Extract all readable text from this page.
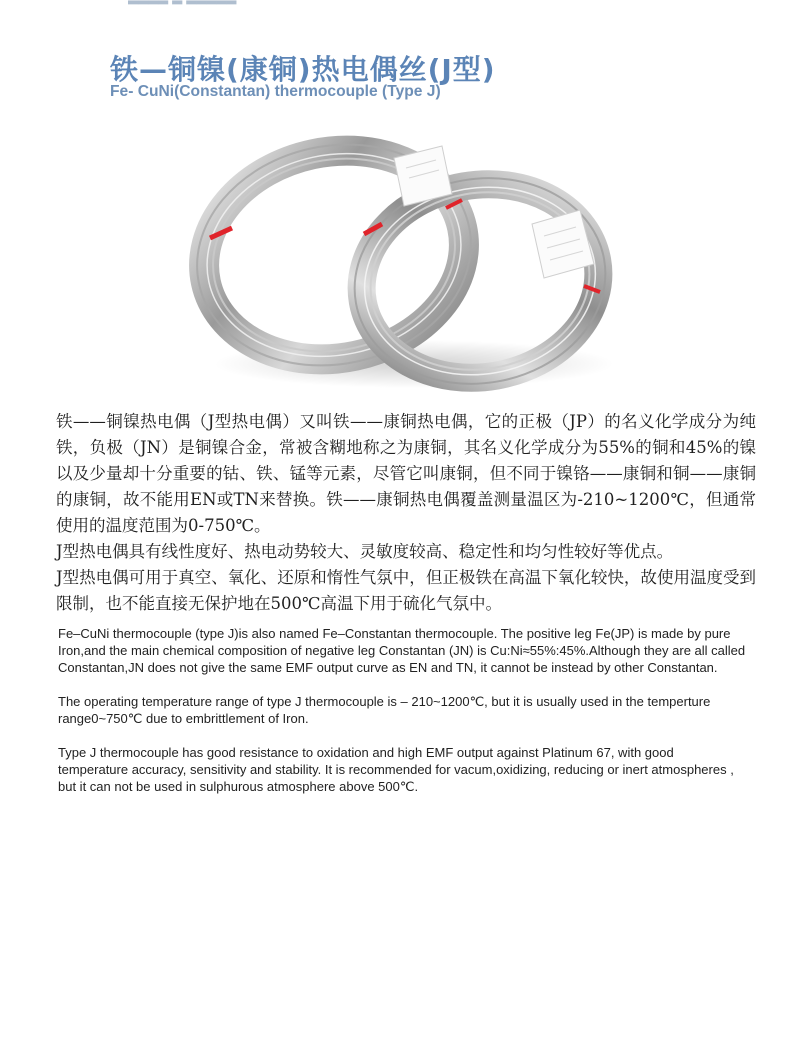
铁—铜镍(康铜)热电偶丝(J型)
Fe- CuNi(Constantan) thermocouple (Type J)

铁——铜镍热电偶（J型热电偶）又叫铁——康铜热电偶，它的正极（JP）的名义化学成分为纯铁，负极（JN）是铜镍合金，常被含糊地称之为康铜，其名义化学成分为55%的铜和45%的镍以及少量却十分重要的钴、铁、锰等元素，尽管它叫康铜，但不同于镍铬——康铜和铜——康铜的康铜，故不能用EN或TN来替换。铁——康铜热电偶覆盖测量温区为-210~1200℃，但通常使用的温度范围为0-750℃。

J型热电偶具有线性度好、热电动势较大、灵敏度较高、稳定性和均匀性较好等优点。

J型热电偶可用于真空、氧化、还原和惰性气氛中，但正极铁在高温下氧化较快，故使用温度受到限制，也不能直接无保护地在500℃高温下用于硫化气氛中。

Fe–CuNi thermocouple (type J)is also named Fe–Constantan thermocouple. The positive leg Fe(JP) is made by pure Iron,and the main chemical composition of negative leg Constantan (JN) is Cu:Ni≈55%:45%.Although they are all called Constantan,JN does not give the same EMF output curve as EN and TN, it cannot be instead by other Constantan.

The operating temperature range of type J thermocouple is – 210~1200℃, but it is usually used in the temperture range0~750℃ due to embrittlement of Iron.

Type J thermocouple has good resistance to oxidation and high EMF output against Platinum 67, with good temperature accuracy, sensitivity and stability. It is recommended for vacum,oxidizing, reducing or inert atmospheres , but it can not be used in sulphurous atmosphere above 500℃.
